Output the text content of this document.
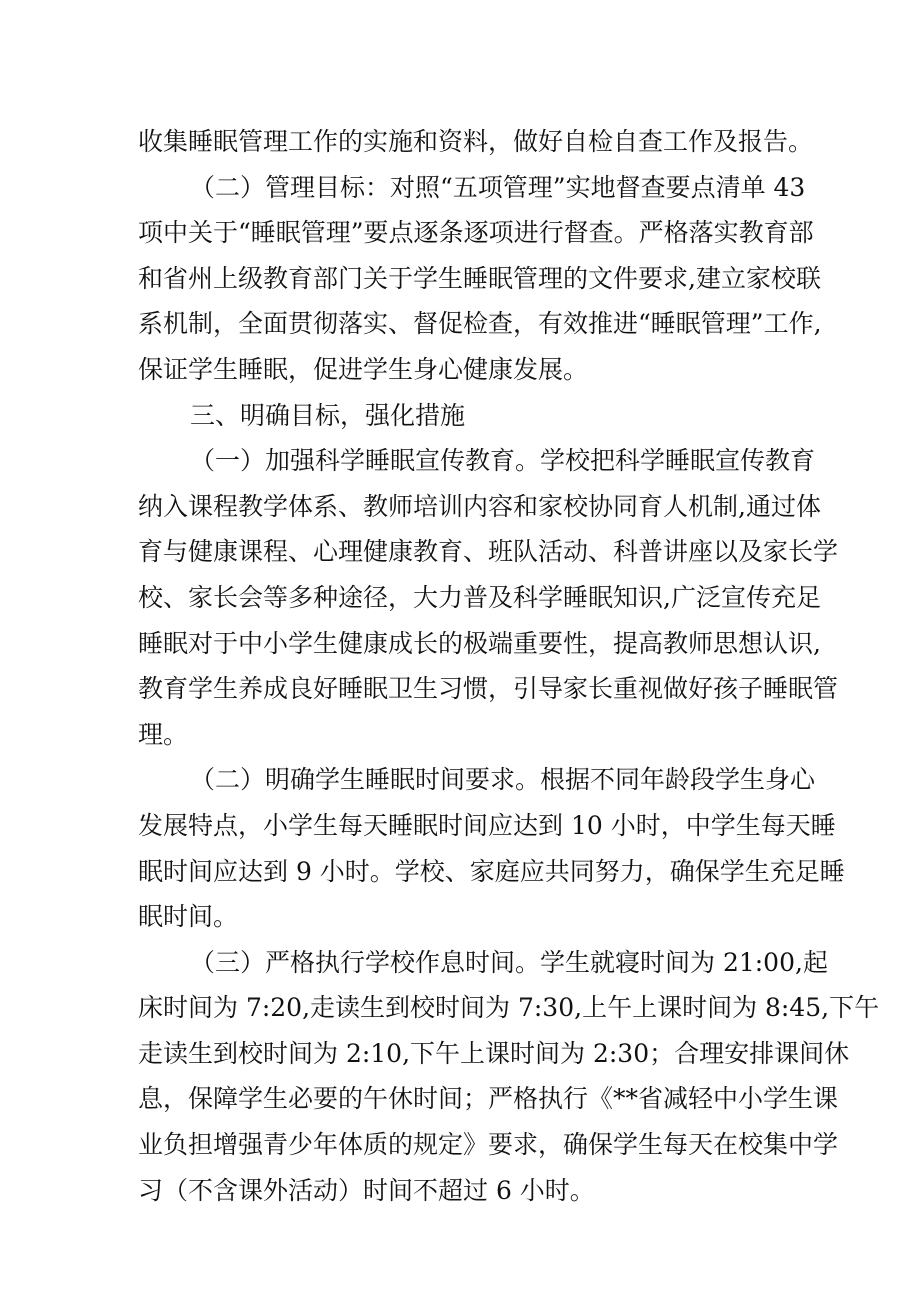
收集睡眠管理工作的实施和资料，做好自检自查工作及报告。
（二）管理目标：对照“五项管理”实地督查要点清单 43
项中关于“睡眠管理”要点逐条逐项进行督查。严格落实教育部
和省州上级教育部门关于学生睡眠管理的文件要求,建立家校联
系机制，全面贯彻落实、督促检查，有效推进“睡眠管理”工作,
保证学生睡眠，促进学生身心健康发展。
三、明确目标，强化措施
（一）加强科学睡眠宣传教育。学校把科学睡眠宣传教育
纳入课程教学体系、教师培训内容和家校协同育人机制,通过体
育与健康课程、心理健康教育、班队活动、科普讲座以及家长学
校、家长会等多种途径，大力普及科学睡眠知识,广泛宣传充足
睡眠对于中小学生健康成长的极端重要性，提高教师思想认识,
教育学生养成良好睡眠卫生习惯，引导家长重视做好孩子睡眠管
理。
（二）明确学生睡眠时间要求。根据不同年龄段学生身心
发展特点，小学生每天睡眠时间应达到 10 小时，中学生每天睡
眠时间应达到 9 小时。学校、家庭应共同努力，确保学生充足睡
眠时间。
（三）严格执行学校作息时间。学生就寝时间为 21:00,起
床时间为 7:20,走读生到校时间为 7:30,上午上课时间为 8:45,下午
走读生到校时间为 2:10,下午上课时间为 2:30；合理安排课间休
息，保障学生必要的午休时间；严格执行《**省减轻中小学生课
业负担增强青少年体质的规定》要求，确保学生每天在校集中学
习（不含课外活动）时间不超过 6 小时。
